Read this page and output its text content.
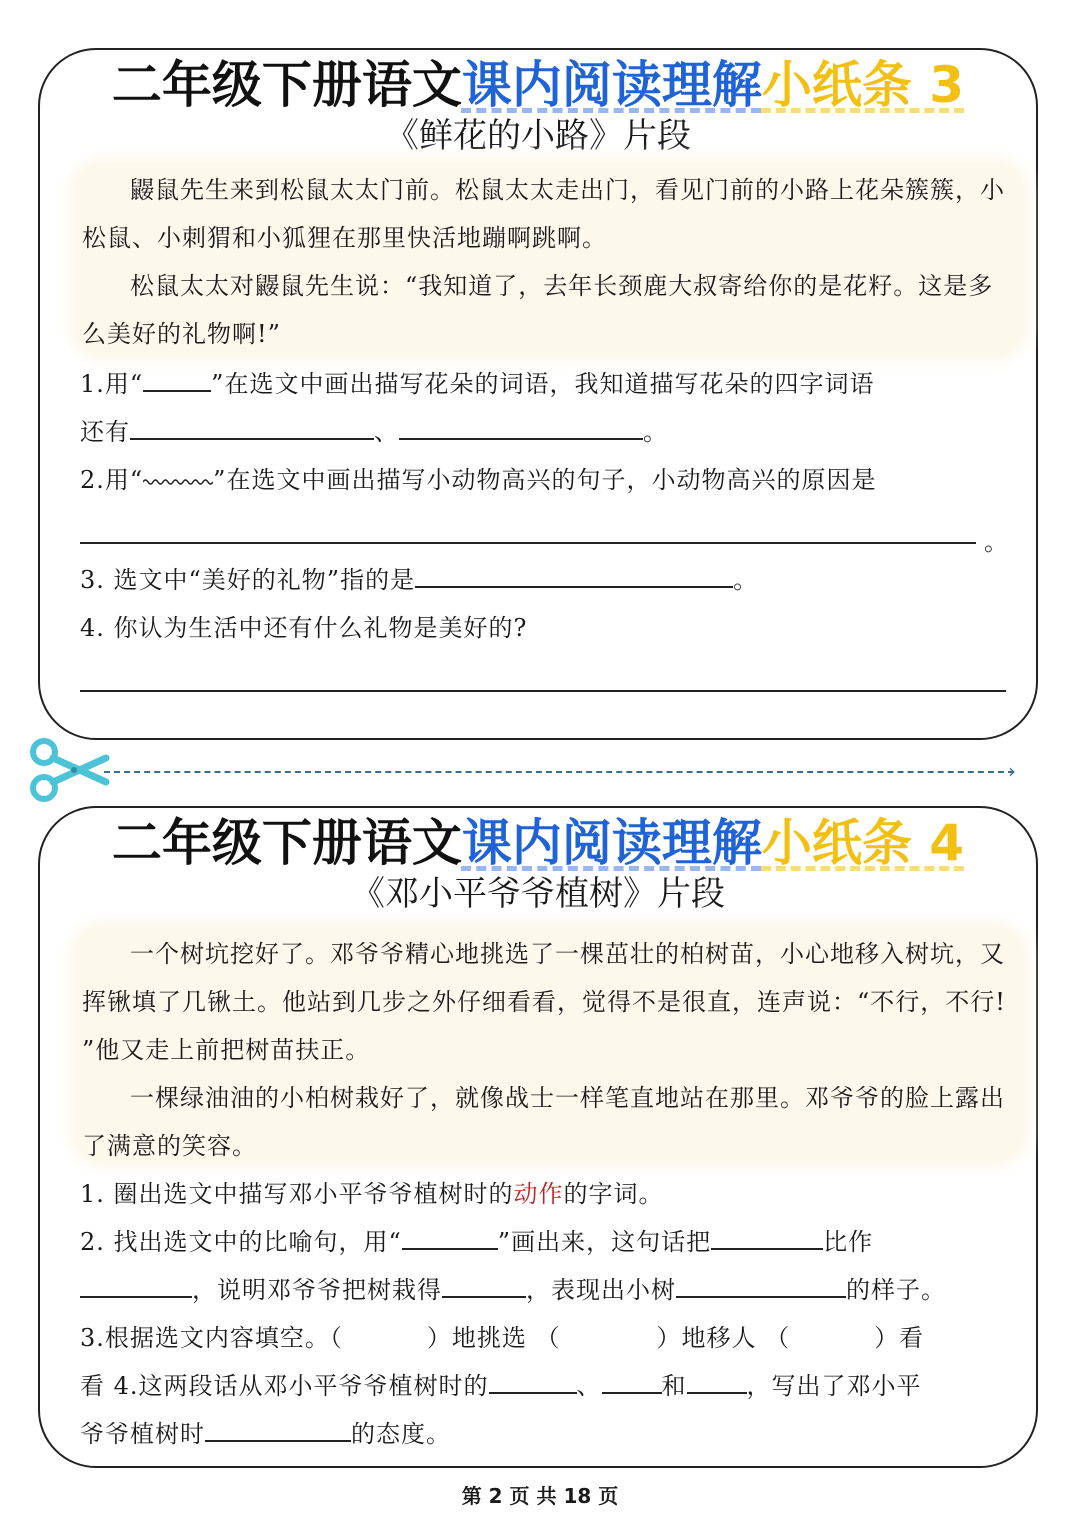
二年级下册语文课内阅读理解小纸条 3
《鲜花的小路》片段

鼹鼠先生来到松鼠太太门前。松鼠太太走出门，看见门前的小路上花朵簇簇，小松鼠、小刺猬和小狐狸在那里快活地蹦啊跳啊。

松鼠太太对鼹鼠先生说：“我知道了，去年长颈鹿大叔寄给你的是花籽。这是多么美好的礼物啊!”

1.用“	”在选文中画出描写花朵的词语，我知道描写花朵的四字词语
还有	、	。
2.用“	”在选文中画出描写小动物高兴的句子，小动物高兴的原因是
。
3. 选文中“美好的礼物”指的是	。
4. 你认为生活中还有什么礼物是美好的?
›
二年级下册语文课内阅读理解小纸条 4
《邓小平爷爷植树》片段

一个树坑挖好了。邓爷爷精心地挑选了一棵茁壮的柏树苗，小心地移入树坑，又挥锹填了几锹土。他站到几步之外仔细看看，觉得不是很直，连声说：“不行，不行! ”他又走上前把树苗扶正。

一棵绿油油的小柏树栽好了，就像战士一样笔直地站在那里。邓爷爷的脸上露出了满意的笑容。

1. 圈出选文中描写邓小平爷爷植树时的动作的字词。
2. 找出选文中的比喻句，用“	”画出来，这句话把	比作
，说明邓爷爷把树栽得	，表现出小树	的样子。
3.根据选文内容填空。（	）地挑选 （	）地移人 （	）看
看 4.这两段话从邓小平爷爷植树时的	、	和	，写出了邓小平
爷爷植树时	的态度。
第 2 页 共 18 页
